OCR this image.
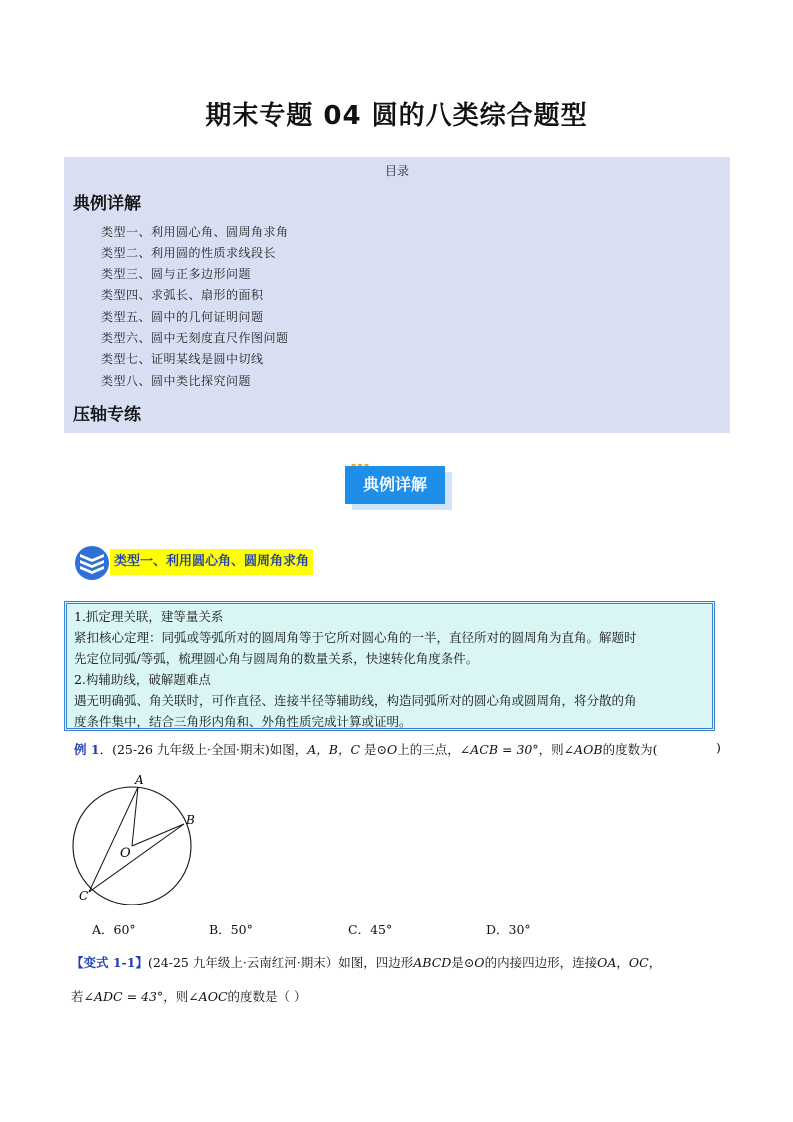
期末专题 04 圆的八类综合题型
目录
典例详解
类型一、利用圆心角、圆周角求角
类型二、利用圆的性质求线段长
类型三、圆与正多边形问题
类型四、求弧长、扇形的面积
类型五、圆中的几何证明问题
类型六、圆中无刻度直尺作图问题
类型七、证明某线是圆中切线
类型八、圆中类比探究问题
压轴专练
典例详解
类型一、利用圆心角、圆周角求角
1.抓定理关联，建等量关系
紧扣核心定理：同弧或等弧所对的圆周角等于它所对圆心角的一半，直径所对的圆周角为直角。解题时
先定位同弧/等弧，梳理圆心角与圆周角的数量关系，快速转化角度条件。
2.构辅助线，破解题难点
遇无明确弧、角关联时，可作直径、连接半径等辅助线，构造同弧所对的圆心角或圆周角，将分散的角
度条件集中，结合三角形内角和、外角性质完成计算或证明。
例 1．(25-26 九年级上·全国·期末)如图，A，B，C 是⊙O上的三点，∠ACB = 30°，则∠AOB的度数为(	)
A
B
C
O
A．60°	B．50°	C．45°	D．30°
【变式 1-1】(24-25 九年级上·云南红河·期末）如图，四边形ABCD是⊙O的内接四边形，连接OA，OC，
若∠ADC = 43°，则∠AOC的度数是（ ）
